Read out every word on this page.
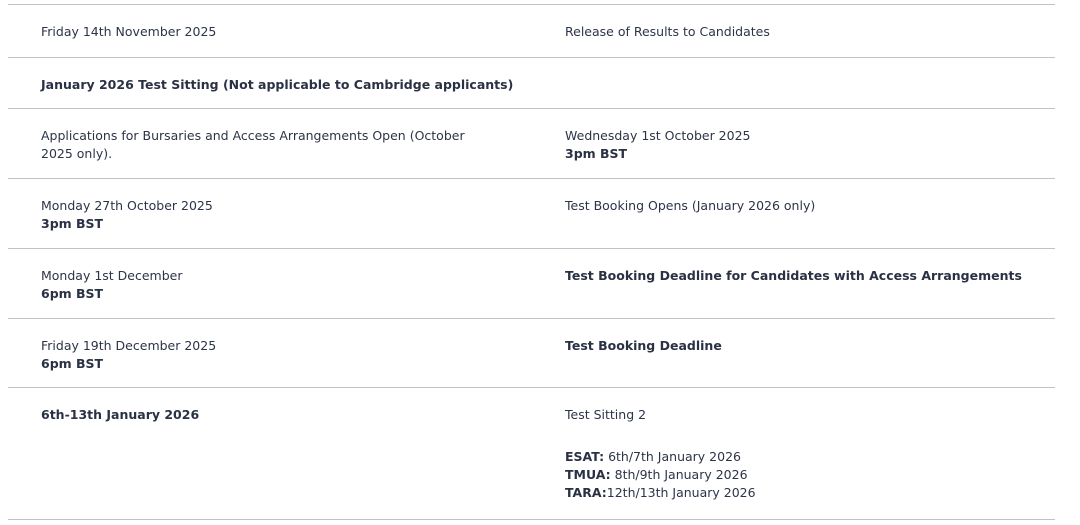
Friday 14th November 2025	Release of Results to Candidates
January 2026 Test Sitting (Not applicable to Cambridge applicants)
Applications for Bursaries and Access Arrangements Open (October 2025 only).
Wednesday 1st October 2025
3pm BST
Monday 27th October 2025
3pm BST
Test Booking Opens (January 2026 only)
Monday 1st December
6pm BST
Test Booking Deadline for Candidates with Access Arrangements
Friday 19th December 2025
6pm BST
Test Booking Deadline
6th-13th January 2026	Test Sitting 2
ESAT: 6th/7th January 2026
TMUA: 8th/9th January 2026
TARA:12th/13th January 2026
